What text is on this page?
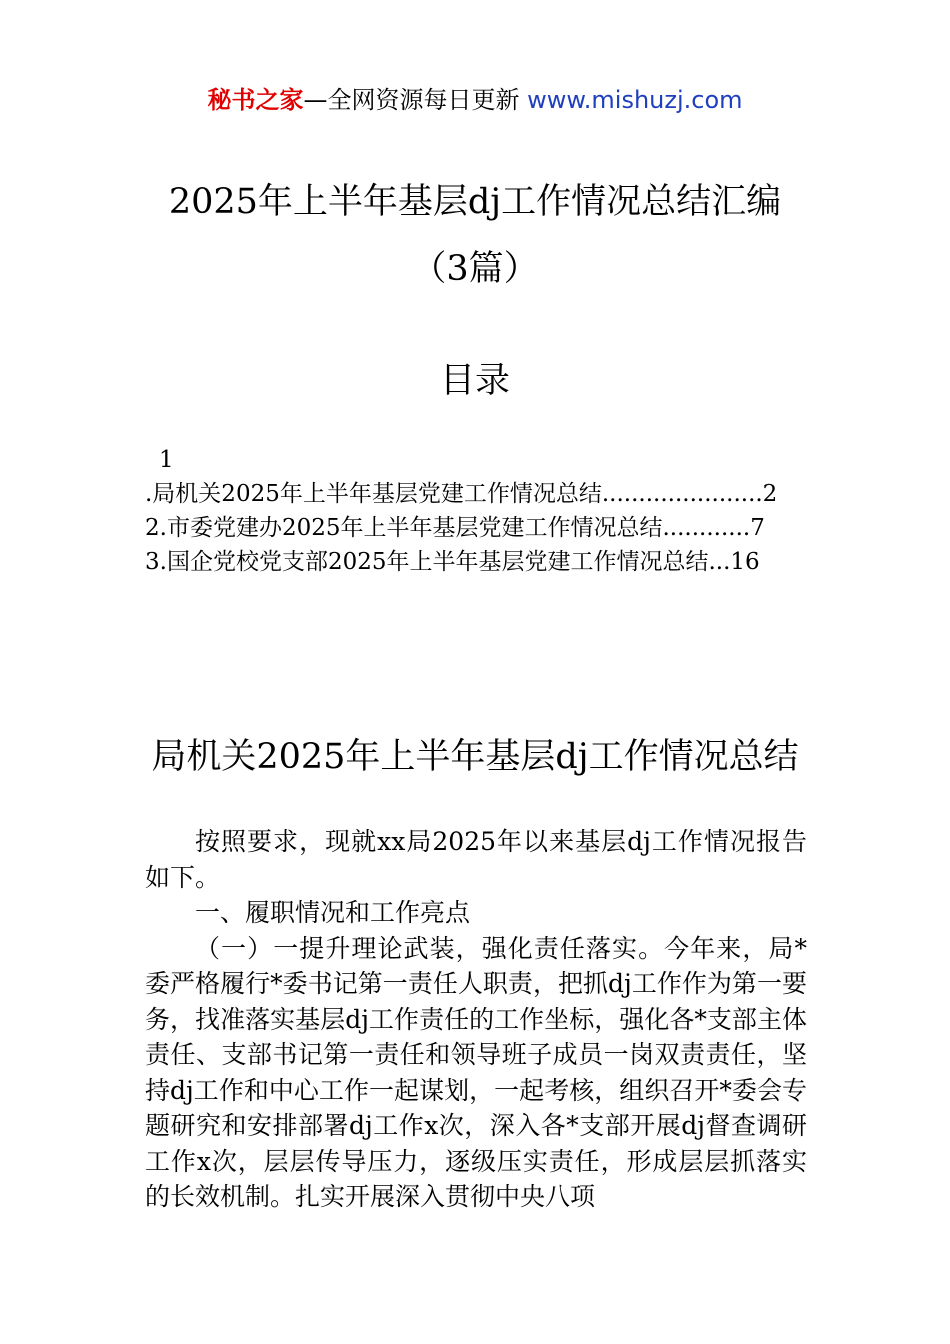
秘书之家—全网资源每日更新 www.mishuzj.com
2025年上半年基层dj工作情况总结汇编
（3篇）
目录
1
.局机关2025年上半年基层党建工作情况总结......................2
2.市委党建办2025年上半年基层党建工作情况总结............7
3.国企党校党支部2025年上半年基层党建工作情况总结...16
局机关2025年上半年基层dj工作情况总结

按照要求，现就xx局2025年以来基层dj工作情况报告如下。

一、履职情况和工作亮点

（一）一提升理论武装，强化责任落实。今年来，局*委严格履行*委书记第一责任人职责，把抓dj工作作为第一要务，找准落实基层dj工作责任的工作坐标，强化各*支部主体责任、支部书记第一责任和领导班子成员一岗双责责任，坚持dj工作和中心工作一起谋划，一起考核，组织召开*委会专题研究和安排部署dj工作x次，深入各*支部开展dj督查调研工作x次，层层传导压力，逐级压实责任，形成层层抓落实的长效机制。扎实开展深入贯彻中央八项
